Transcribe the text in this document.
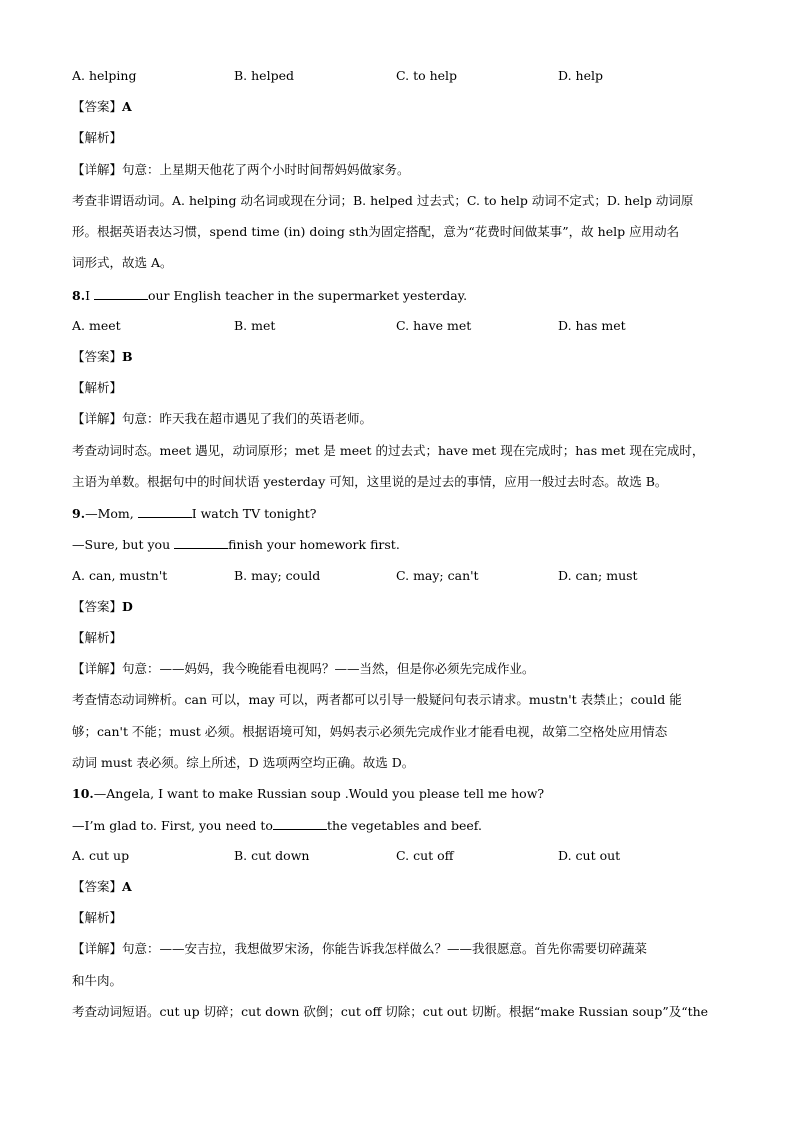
A. helping	B. helped	C. to help	D. help
【答案】A
【解析】
【详解】句意：上星期天他花了两个小时时间帮妈妈做家务。
考查非谓语动词。A. helping 动名词或现在分词；B. helped 过去式；C. to help 动词不定式；D. help 动词原
形。根据英语表达习惯，spend time (in) doing sth为固定搭配，意为“花费时间做某事”，故 help 应用动名
词形式，故选 A。
8.I	our English teacher in the supermarket yesterday.
A. meet	B. met	C. have met	D. has met
【答案】B
【解析】
【详解】句意：昨天我在超市遇见了我们的英语老师。
考查动词时态。meet 遇见，动词原形；met 是 meet 的过去式；have met 现在完成时；has met 现在完成时，
主语为单数。根据句中的时间状语 yesterday 可知，这里说的是过去的事情，应用一般过去时态。故选 B。
9.—Mom,	I watch TV tonight?
—Sure, but you	finish your homework first.
A. can, mustn't	B. may; could	C. may; can't	D. can; must
【答案】D
【解析】
【详解】句意：——妈妈，我今晚能看电视吗？——当然，但是你必须先完成作业。
考查情态动词辨析。can 可以，may 可以，两者都可以引导一般疑问句表示请求。mustn't 表禁止；could 能
够；can't 不能；must 必须。根据语境可知，妈妈表示必须先完成作业才能看电视，故第二空格处应用情态
动词 must 表必须。综上所述，D 选项两空均正确。故选 D。
10.—Angela, I want to make Russian soup .Would you please tell me how?
—I’m glad to. First, you need to	the vegetables and beef.
A. cut up	B. cut down	C. cut off	D. cut out
【答案】A
【解析】
【详解】句意：——安吉拉，我想做罗宋汤，你能告诉我怎样做么？——我很愿意。首先你需要切碎蔬菜
和牛肉。
考查动词短语。cut up 切碎；cut down 砍倒；cut off 切除；cut out 切断。根据“make Russian soup”及“the
